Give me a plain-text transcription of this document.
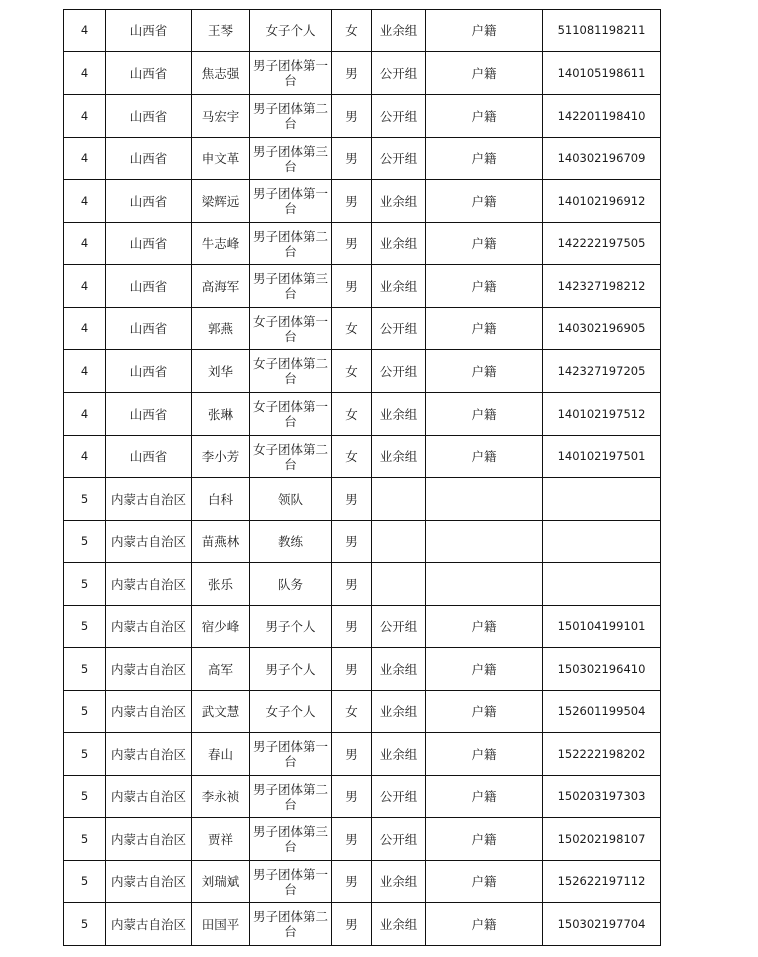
4	山西省	王琴	女子个人	女	业余组	户籍	511081198211
4	山西省	焦志强	男子团体第一台	男	公开组	户籍	140105198611
4	山西省	马宏宇	男子团体第二台	男	公开组	户籍	142201198410
4	山西省	申文革	男子团体第三台	男	公开组	户籍	140302196709
4	山西省	梁辉远	男子团体第一台	男	业余组	户籍	140102196912
4	山西省	牛志峰	男子团体第二台	男	业余组	户籍	142222197505
4	山西省	高海军	男子团体第三台	男	业余组	户籍	142327198212
4	山西省	郭燕	女子团体第一台	女	公开组	户籍	140302196905
4	山西省	刘华	女子团体第二台	女	公开组	户籍	142327197205
4	山西省	张琳	女子团体第一台	女	业余组	户籍	140102197512
4	山西省	李小芳	女子团体第二台	女	业余组	户籍	140102197501
5	内蒙古自治区	白科	领队	男			
5	内蒙古自治区	苗燕林	教练	男			
5	内蒙古自治区	张乐	队务	男			
5	内蒙古自治区	宿少峰	男子个人	男	公开组	户籍	150104199101
5	内蒙古自治区	高军	男子个人	男	业余组	户籍	150302196410
5	内蒙古自治区	武文慧	女子个人	女	业余组	户籍	152601199504
5	内蒙古自治区	春山	男子团体第一台	男	业余组	户籍	152222198202
5	内蒙古自治区	李永祯	男子团体第二台	男	公开组	户籍	150203197303
5	内蒙古自治区	贾祥	男子团体第三台	男	公开组	户籍	150202198107
5	内蒙古自治区	刘瑞斌	男子团体第一台	男	业余组	户籍	152622197112
5	内蒙古自治区	田国平	男子团体第二台	男	业余组	户籍	150302197704
